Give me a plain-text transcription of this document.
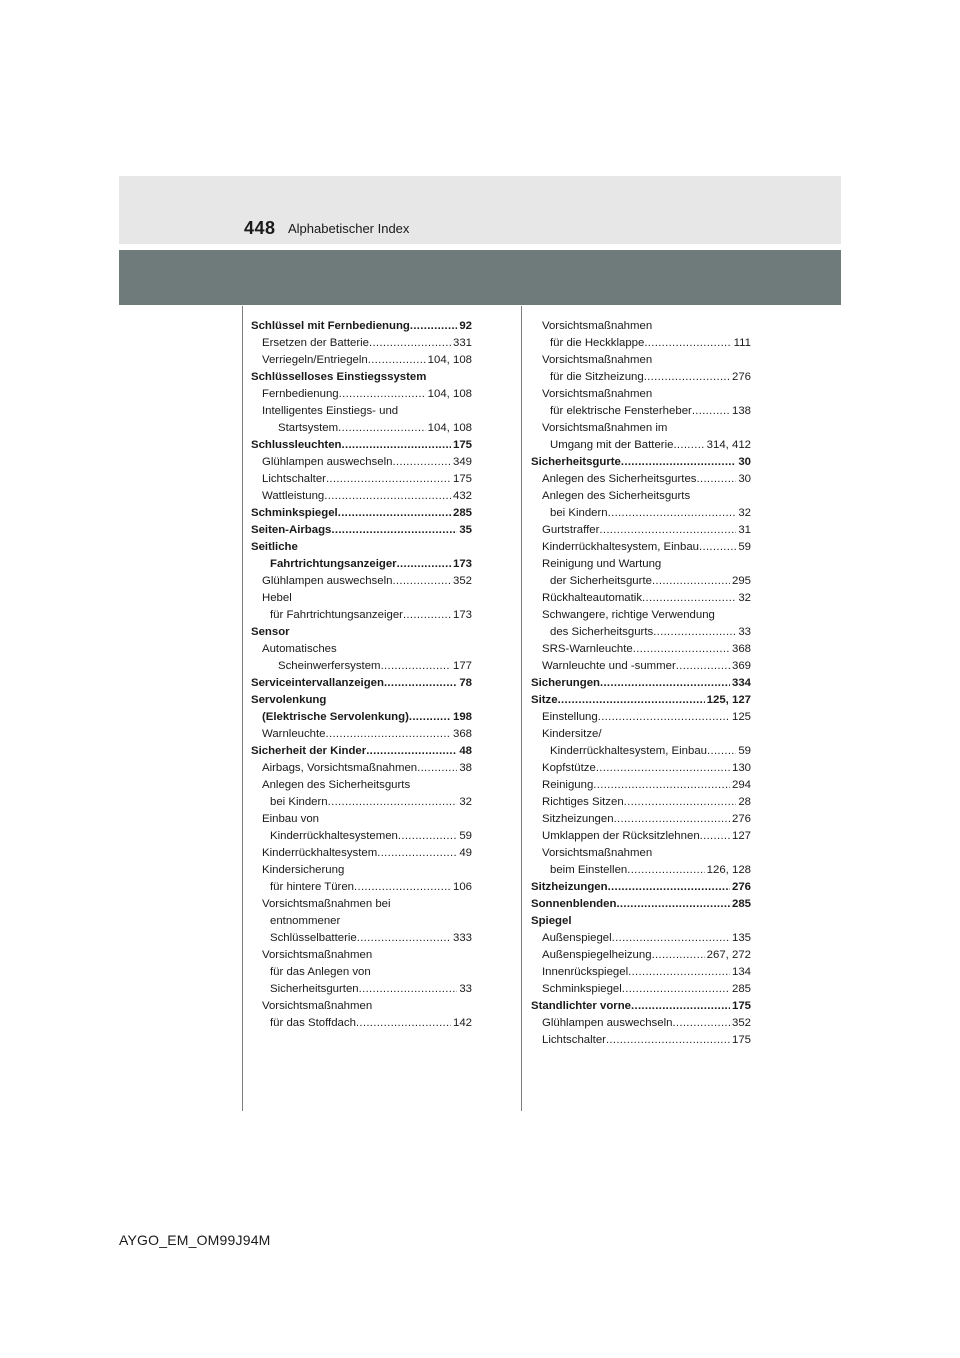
448 Alphabetischer Index
Schlüssel mit Fernbedienung .....	92
Ersetzen der Batterie .....	331
Verriegeln/Entriegeln .....	104, 108
Schlüsselloses Einstiegssystem
Fernbedienung .....	104, 108
Intelligentes Einstiegs- und
Startsystem .....	104, 108
Schlussleuchten .....	175
Glühlampen auswechseln .....	349
Lichtschalter .....	175
Wattleistung .....	432
Schminkspiegel .....	285
Seiten-Airbags .....	35
Seitliche
Fahrtrichtungsanzeiger .....	173
Glühlampen auswechseln .....	352
Hebel
für Fahrtrichtungsanzeiger .....	173
Sensor
Automatisches
Scheinwerfersystem .....	177
Serviceintervallanzeigen .....	78
Servolenkung
(Elektrische Servolenkung) .....	198
Warnleuchte .....	368
Sicherheit der Kinder .....	48
Airbags, Vorsichtsmaßnahmen .....	38
Anlegen des Sicherheitsgurts
bei Kindern .....	32
Einbau von
Kinderrückhaltesystemen .....	59
Kinderrückhaltesystem .....	49
Kindersicherung
für hintere Türen .....	106
Vorsichtsmaßnahmen bei
entnommener
Schlüsselbatterie .....	333
Vorsichtsmaßnahmen
für das Anlegen von
Sicherheitsgurten .....	33
Vorsichtsmaßnahmen
für das Stoffdach .....	142
Vorsichtsmaßnahmen
für die Heckklappe .....	111
Vorsichtsmaßnahmen
für die Sitzheizung .....	276
Vorsichtsmaßnahmen
für elektrische Fensterheber .....	138
Vorsichtsmaßnahmen im
Umgang mit der Batterie .....	314, 412
Sicherheitsgurte .....	30
Anlegen des Sicherheitsgurtes .....	30
Anlegen des Sicherheitsgurts
bei Kindern .....	32
Gurtstraffer .....	31
Kinderrückhaltesystem, Einbau .....	59
Reinigung und Wartung
der Sicherheitsgurte .....	295
Rückhalteautomatik .....	32
Schwangere, richtige Verwendung
des Sicherheitsgurts .....	33
SRS-Warnleuchte .....	368
Warnleuchte und -summer .....	369
Sicherungen .....	334
Sitze .....	125, 127
Einstellung .....	125
Kindersitze/
Kinderrückhaltesystem, Einbau .....	59
Kopfstütze .....	130
Reinigung .....	294
Richtiges Sitzen .....	28
Sitzheizungen .....	276
Umklappen der Rücksitzlehnen .....	127
Vorsichtsmaßnahmen
beim Einstellen .....	126, 128
Sitzheizungen .....	276
Sonnenblenden .....	285
Spiegel
Außenspiegel .....	135
Außenspiegelheizung .....	267, 272
Innenrückspiegel .....	134
Schminkspiegel .....	285
Standlichter vorne .....	175
Glühlampen auswechseln .....	352
Lichtschalter .....	175
AYGO_EM_OM99J94M
